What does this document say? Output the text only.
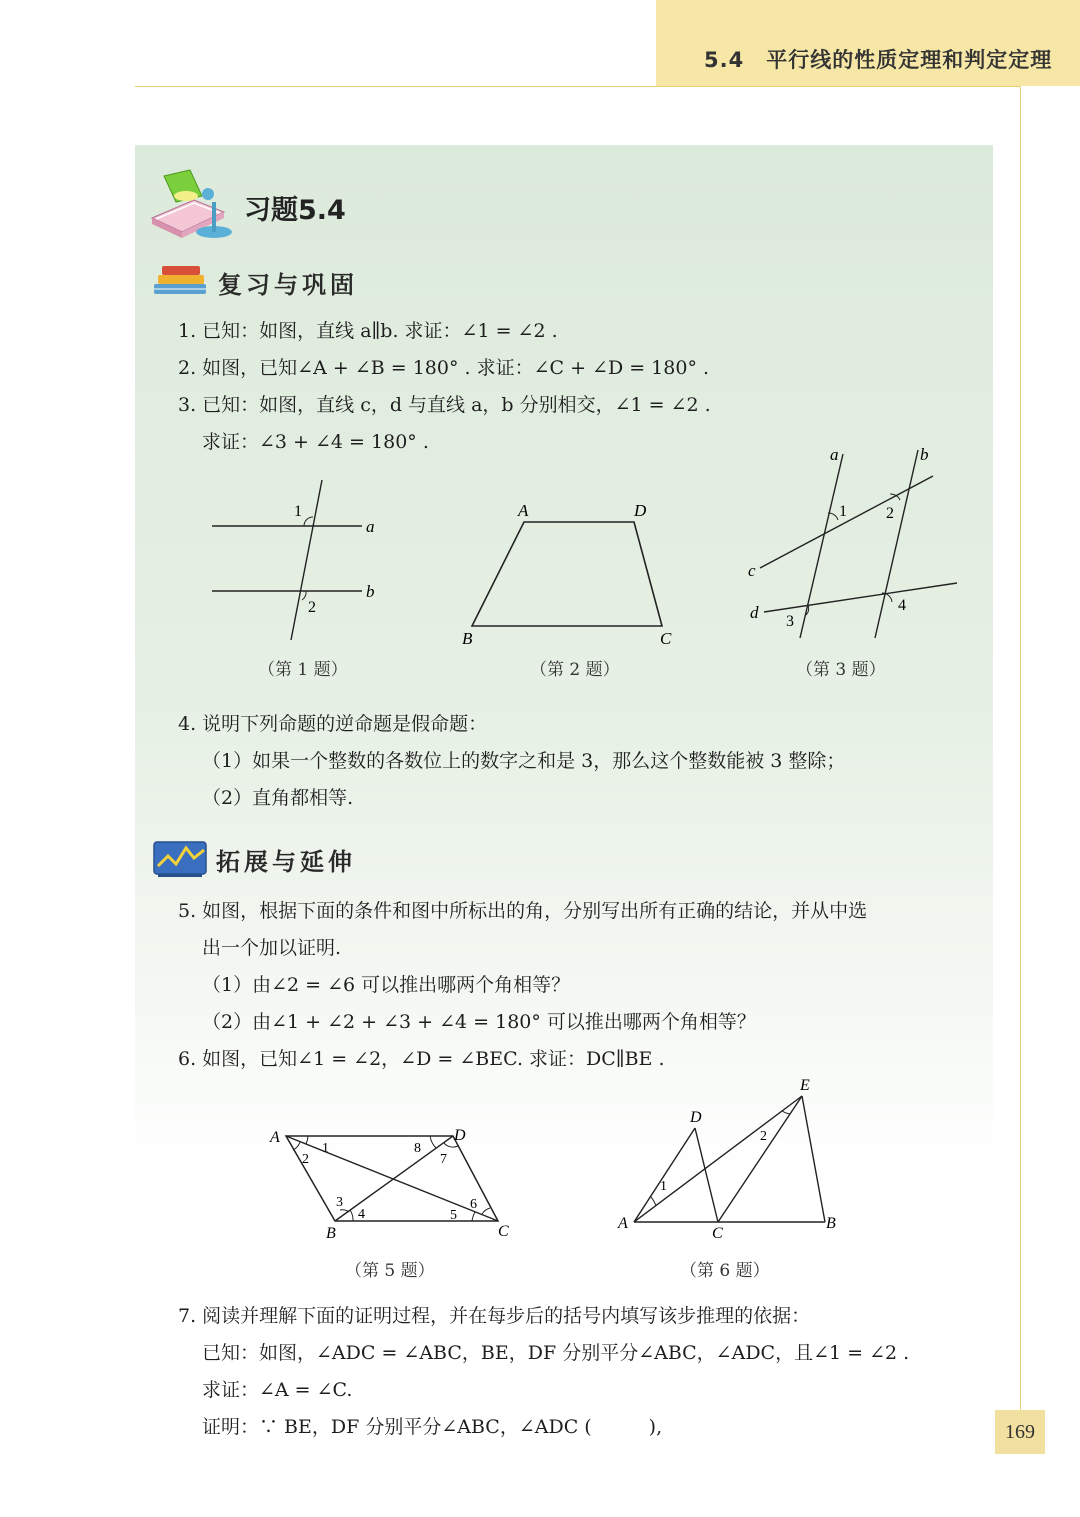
5.4　平行线的性质定理和判定定理
169
习题5.4
复习与巩固
1. 已知：如图，直线 a∥b. 求证：∠1 = ∠2 .
2. 如图，已知∠A + ∠B = 180° . 求证：∠C + ∠D = 180° .
3. 已知：如图，直线 c，d 与直线 a，b 分别相交，∠1 = ∠2 .
求证：∠3 + ∠4 = 180° .
1
2
a
b
（第 1 题）
A	D
B	C
（第 2 题）
a	b
c
d
1 2
3
4
（第 3 题）
4. 说明下列命题的逆命题是假命题：
（1）如果一个整数的各数位上的数字之和是 3，那么这个整数能被 3 整除；
（2）直角都相等.
拓展与延伸
5. 如图，根据下面的条件和图中所标出的角，分别写出所有正确的结论，并从中选
出一个加以证明.
（1）由∠2 = ∠6 可以推出哪两个角相等？
（2）由∠1 + ∠2 + ∠3 + ∠4 = 180° 可以推出哪两个角相等？
6. 如图，已知∠1 = ∠2，∠D = ∠BEC. 求证：DC∥BE .
A	D
B	C
1
2
3
4	5
6
7
8
（第 5 题）
E
D
A
C
B
1
2
（第 6 题）
7. 阅读并理解下面的证明过程，并在每步后的括号内填写该步推理的依据：
已知：如图，∠ADC = ∠ABC，BE，DF 分别平分∠ABC，∠ADC，且∠1 = ∠2 .
求证：∠A = ∠C.
证明：∵ BE，DF 分别平分∠ABC，∠ADC (　　　),
